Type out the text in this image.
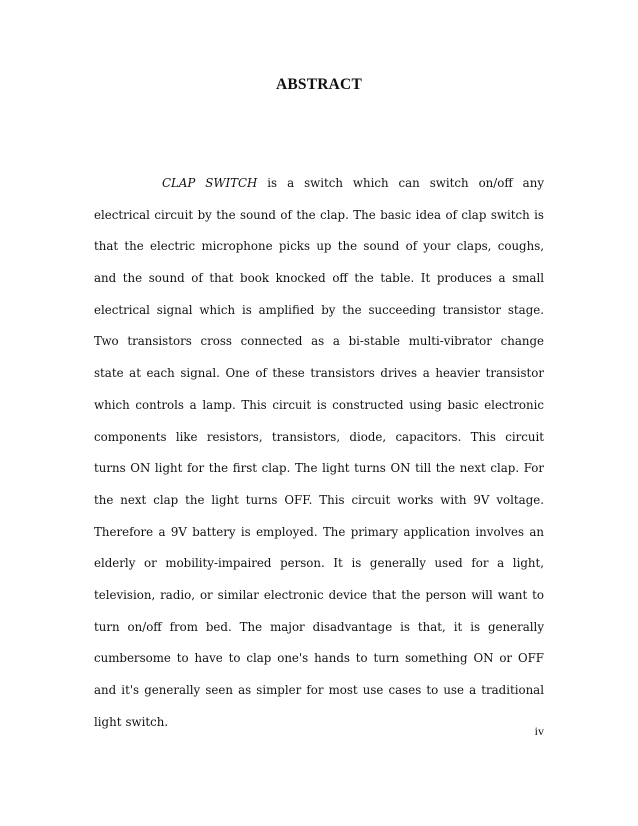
ABSTRACT
CLAP SWITCH is a switch which can switch on/off any
electrical circuit by the sound of the clap. The basic idea of clap switch is
that the electric microphone picks up the sound of your claps, coughs,
and the sound of that book knocked off the table. It produces a small
electrical signal which is amplified by the succeeding transistor stage.
Two transistors cross connected as a bi-stable multi-vibrator change
state at each signal. One of these transistors drives a heavier transistor
which controls a lamp. This circuit is constructed using basic electronic
components like resistors, transistors, diode, capacitors. This circuit
turns ON light for the first clap. The light turns ON till the next clap. For
the next clap the light turns OFF. This circuit works with 9V voltage.
Therefore a 9V battery is employed. The primary application involves an
elderly or mobility-impaired person. It is generally used for a light,
television, radio, or similar electronic device that the person will want to
turn on/off from bed. The major disadvantage is that, it is generally
cumbersome to have to clap one's hands to turn something ON or OFF
and it's generally seen as simpler for most use cases to use a traditional
light switch.

iv
